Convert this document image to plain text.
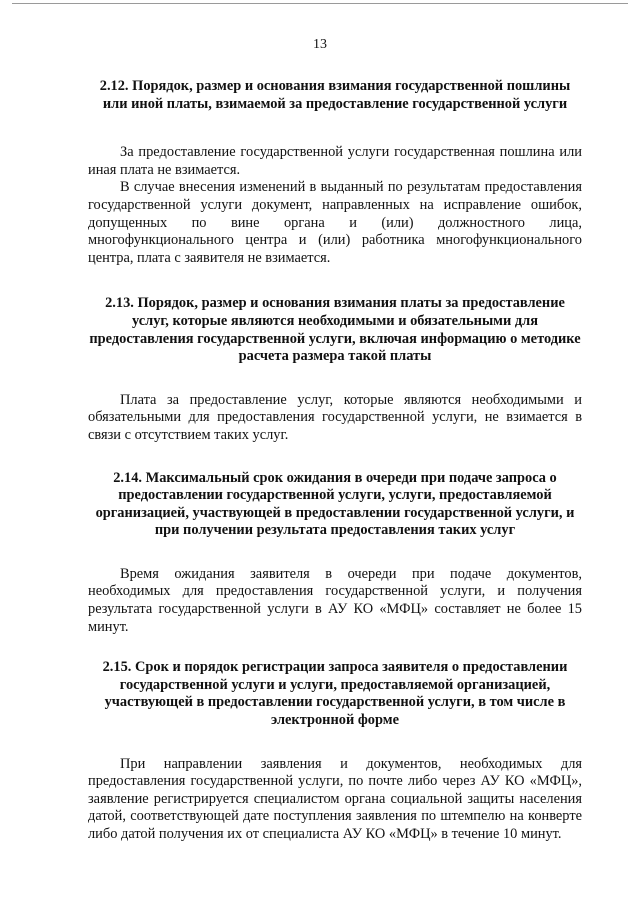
13

2.12. Порядок, размер и основания взимания государственной пошлины или иной платы, взимаемой за предоставление государственной услуги

За предоставление государственной услуги государственная пошлина или иная плата не взимается.

В случае внесения изменений в выданный по результатам предоставления государственной услуги документ, направленных на исправление ошибок, допущенных по вине органа и (или) должностного лица, многофункционального центра и (или) работника многофункционального центра, плата с заявителя не взимается.

2.13. Порядок, размер и основания взимания платы за предоставление услуг, которые являются необходимыми и обязательными для предоставления государственной услуги, включая информацию о методике расчета размера такой платы

Плата за предоставление услуг, которые являются необходимыми и обязательными для предоставления государственной услуги, не взимается в связи с отсутствием таких услуг.

2.14. Максимальный срок ожидания в очереди при подаче запроса о предоставлении государственной услуги, услуги, предоставляемой организацией, участвующей в предоставлении государственной услуги, и при получении результата предоставления таких услуг

Время ожидания заявителя в очереди при подаче документов, необходимых для предоставления государственной услуги, и получения результата государственной услуги в АУ КО «МФЦ» составляет не более 15 минут.

2.15. Срок и порядок регистрации запроса заявителя о предоставлении государственной услуги и услуги, предоставляемой организацией, участвующей в предоставлении государственной услуги, в том числе в электронной форме

При направлении заявления и документов, необходимых для предоставления государственной услуги, по почте либо через АУ КО «МФЦ», заявление регистрируется специалистом органа социальной защиты населения датой, соответствующей дате поступления заявления по штемпелю на конверте либо датой получения их от специалиста АУ КО «МФЦ» в течение 10 минут.
